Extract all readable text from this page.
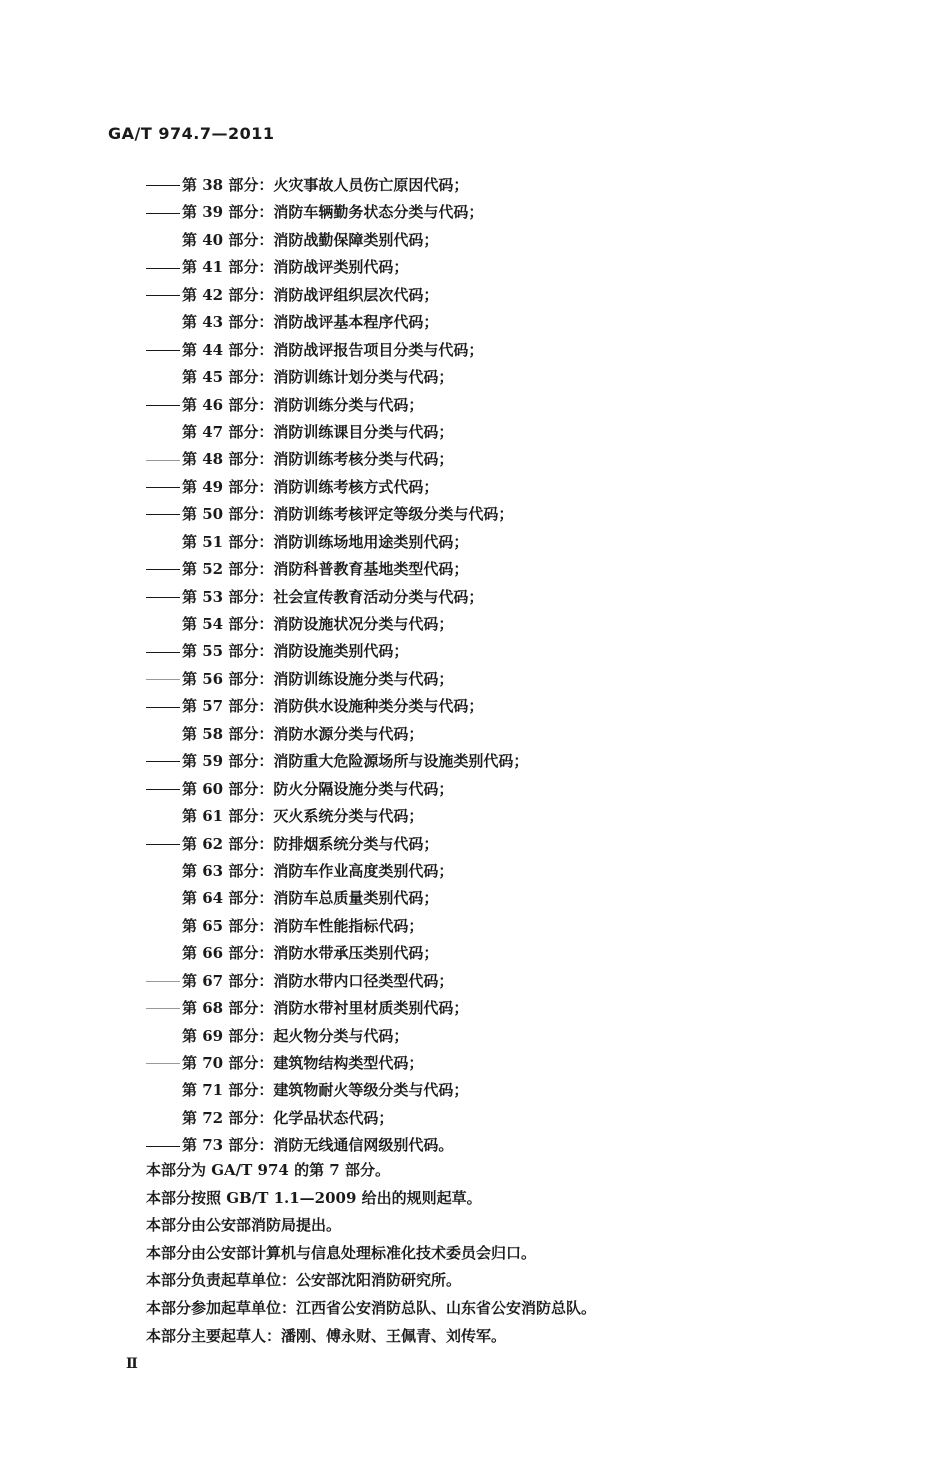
GA/T 974.7—2011
第 38 部分：火灾事故人员伤亡原因代码；
第 39 部分：消防车辆勤务状态分类与代码；
第 40 部分：消防战勤保障类别代码；
第 41 部分：消防战评类别代码；
第 42 部分：消防战评组织层次代码；
第 43 部分：消防战评基本程序代码；
第 44 部分：消防战评报告项目分类与代码；
第 45 部分：消防训练计划分类与代码；
第 46 部分：消防训练分类与代码；
第 47 部分：消防训练课目分类与代码；
第 48 部分：消防训练考核分类与代码；
第 49 部分：消防训练考核方式代码；
第 50 部分：消防训练考核评定等级分类与代码；
第 51 部分：消防训练场地用途类别代码；
第 52 部分：消防科普教育基地类型代码；
第 53 部分：社会宣传教育活动分类与代码；
第 54 部分：消防设施状况分类与代码；
第 55 部分：消防设施类别代码；
第 56 部分：消防训练设施分类与代码；
第 57 部分：消防供水设施种类分类与代码；
第 58 部分：消防水源分类与代码；
第 59 部分：消防重大危险源场所与设施类别代码；
第 60 部分：防火分隔设施分类与代码；
第 61 部分：灭火系统分类与代码；
第 62 部分：防排烟系统分类与代码；
第 63 部分：消防车作业高度类别代码；
第 64 部分：消防车总质量类别代码；
第 65 部分：消防车性能指标代码；
第 66 部分：消防水带承压类别代码；
第 67 部分：消防水带内口径类型代码；
第 68 部分：消防水带衬里材质类别代码；
第 69 部分：起火物分类与代码；
第 70 部分：建筑物结构类型代码；
第 71 部分：建筑物耐火等级分类与代码；
第 72 部分：化学品状态代码；
第 73 部分：消防无线通信网级别代码。
本部分为 GA/T 974 的第 7 部分。
本部分按照 GB/T 1.1—2009 给出的规则起草。
本部分由公安部消防局提出。
本部分由公安部计算机与信息处理标准化技术委员会归口。
本部分负责起草单位：公安部沈阳消防研究所。
本部分参加起草单位：江西省公安消防总队、山东省公安消防总队。
本部分主要起草人：潘刚、傅永财、王佩青、刘传军。
Ⅱ
